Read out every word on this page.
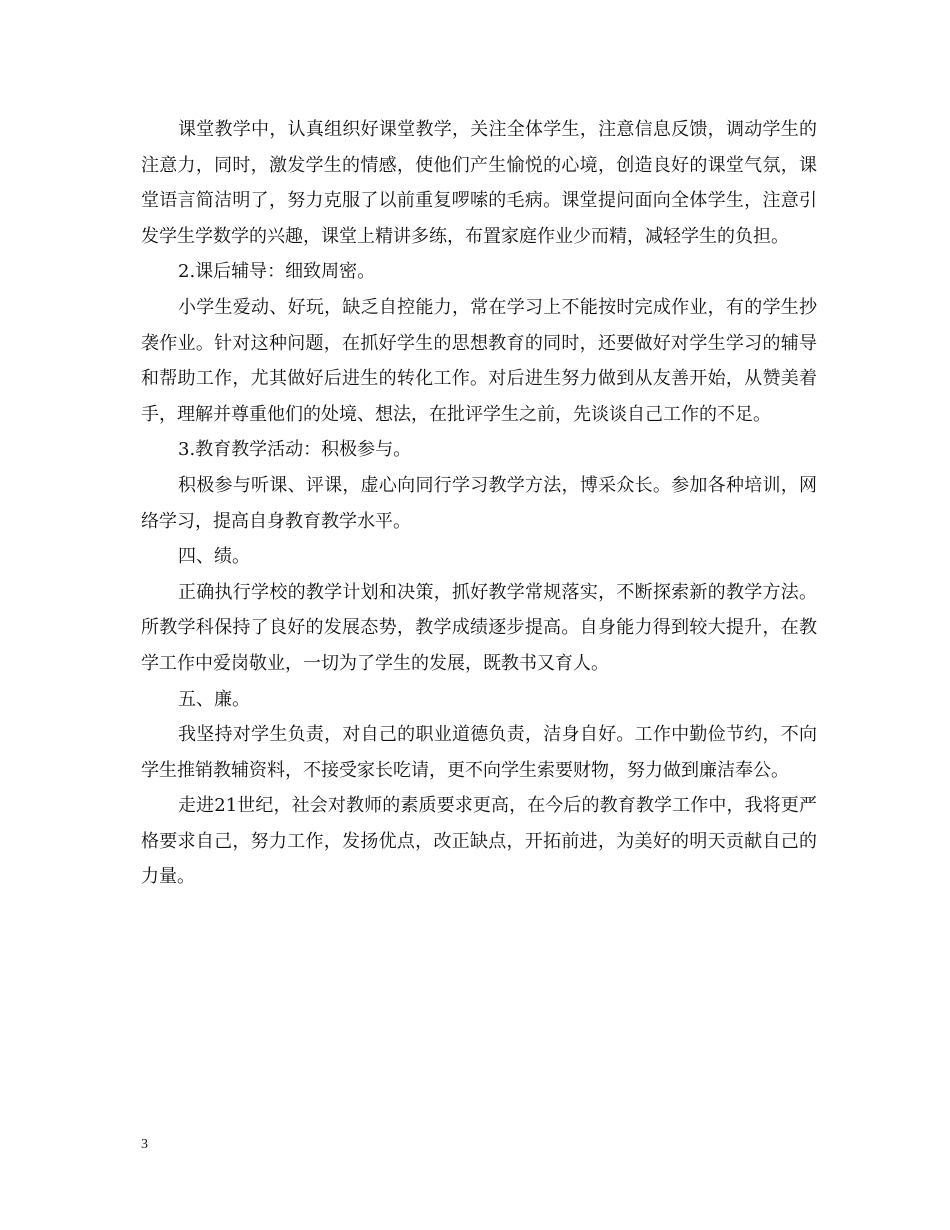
课堂教学中，认真组织好课堂教学，关注全体学生，注意信息反馈，调动学生的注意力，同时，激发学生的情感，使他们产生愉悦的心境，创造良好的课堂气氛，课堂语言简洁明了，努力克服了以前重复啰嗦的毛病。课堂提问面向全体学生，注意引发学生学数学的兴趣，课堂上精讲多练，布置家庭作业少而精，减轻学生的负担。

2.课后辅导：细致周密。

小学生爱动、好玩，缺乏自控能力，常在学习上不能按时完成作业，有的学生抄袭作业。针对这种问题，在抓好学生的思想教育的同时，还要做好对学生学习的辅导和帮助工作，尤其做好后进生的转化工作。对后进生努力做到从友善开始，从赞美着手，理解并尊重他们的处境、想法，在批评学生之前，先谈谈自己工作的不足。

3.教育教学活动：积极参与。

积极参与听课、评课，虚心向同行学习教学方法，博采众长。参加各种培训，网络学习，提高自身教育教学水平。

四、绩。

正确执行学校的教学计划和决策，抓好教学常规落实，不断探索新的教学方法。所教学科保持了良好的发展态势，教学成绩逐步提高。自身能力得到较大提升，在教学工作中爱岗敬业，一切为了学生的发展，既教书又育人。

五、廉。

我坚持对学生负责，对自己的职业道德负责，洁身自好。工作中勤俭节约，不向学生推销教辅资料，不接受家长吃请，更不向学生索要财物，努力做到廉洁奉公。

走进21世纪，社会对教师的素质要求更高，在今后的教育教学工作中，我将更严格要求自己，努力工作，发扬优点，改正缺点，开拓前进，为美好的明天贡献自己的力量。

3
